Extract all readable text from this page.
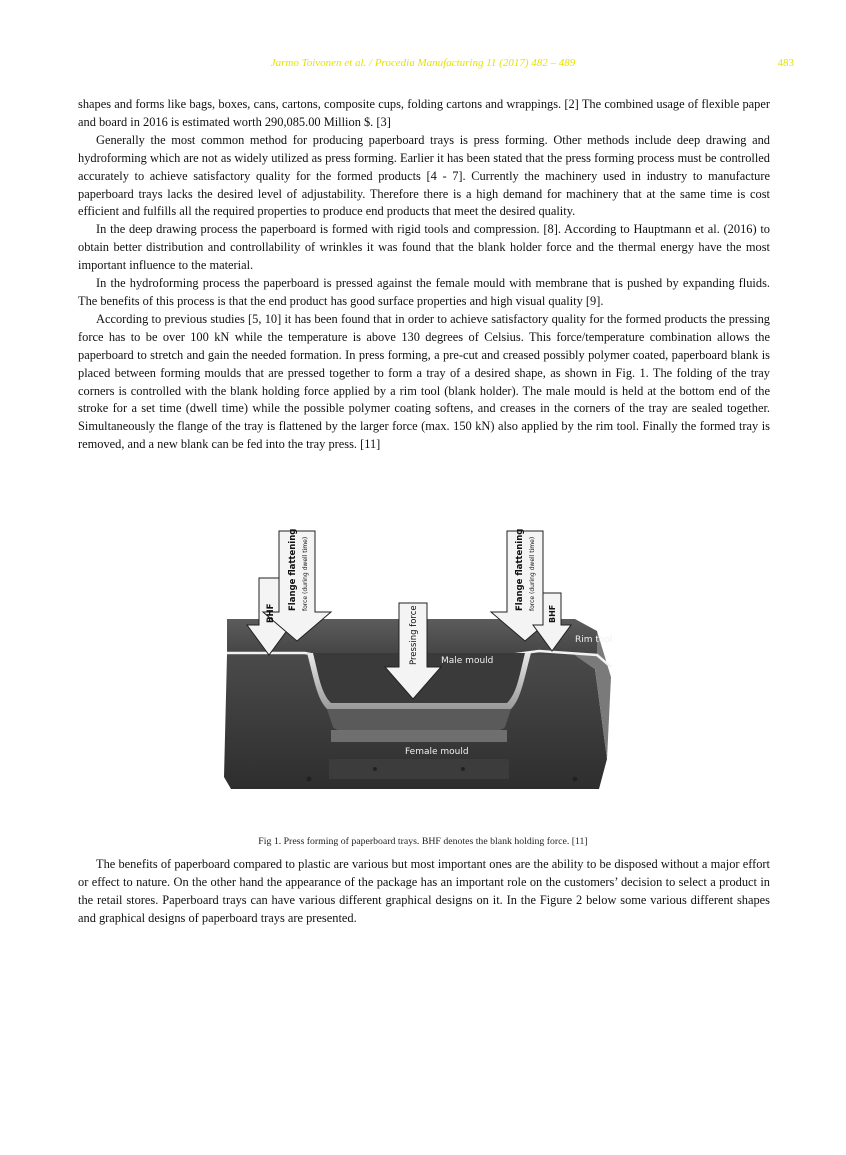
Jarmo Toivonen et al. / Procedia Manufacturing 11 (2017) 482 – 489	483

shapes and forms like bags, boxes, cans, cartons, composite cups, folding cartons and wrappings. [2] The combined usage of flexible paper and board in 2016 is estimated worth 290,085.00 Million $. [3]

Generally the most common method for producing paperboard trays is press forming. Other methods include deep drawing and hydroforming which are not as widely utilized as press forming. Earlier it has been stated that the press forming process must be controlled accurately to achieve satisfactory quality for the formed products [4 - 7]. Currently the machinery used in industry to manufacture paperboard trays lacks the desired level of adjustability. Therefore there is a high demand for machinery that at the same time is cost efficient and fulfills all the required properties to produce end products that meet the desired quality.

In the deep drawing process the paperboard is formed with rigid tools and compression. [8]. According to Hauptmann et al. (2016) to obtain better distribution and controllability of wrinkles it was found that the blank holder force and the thermal energy have the most important influence to the material.

In the hydroforming process the paperboard is pressed against the female mould with membrane that is pushed by expanding fluids. The benefits of this process is that the end product has good surface properties and high visual quality [9].

According to previous studies [5, 10] it has been found that in order to achieve satisfactory quality for the formed products the pressing force has to be over 100 kN while the temperature is above 130 degrees of Celsius. This force/temperature combination allows the paperboard to stretch and gain the needed formation. In press forming, a pre-cut and creased possibly polymer coated, paperboard blank is placed between forming moulds that are pressed together to form a tray of a desired shape, as shown in Fig. 1. The folding of the tray corners is controlled with the blank holding force applied by a rim tool (blank holder). The male mould is held at the bottom end of the stroke for a set time (dwell time) while the possible polymer coating softens, and creases in the corners of the tray are sealed together. Simultaneously the flange of the tray is flattened by the larger force (max. 150 kN) also applied by the rim tool. Finally the formed tray is removed, and a new blank can be fed into the tray press. [11]

BHF
Flange flattening force (during dwell time)
Pressing force
Flange flattening force (during dwell time)
BHF
Male mould
Female mould
Rim tool
Fig 1. Press forming of paperboard trays. BHF denotes the blank holding force. [11]

The benefits of paperboard compared to plastic are various but most important ones are the ability to be disposed without a major effort or effect to nature. On the other hand the appearance of the package has an important role on the customers’ decision to select a product in the retail stores. Paperboard trays can have various different graphical designs on it. In the Figure 2 below some various different shapes and graphical designs of paperboard trays are presented.
